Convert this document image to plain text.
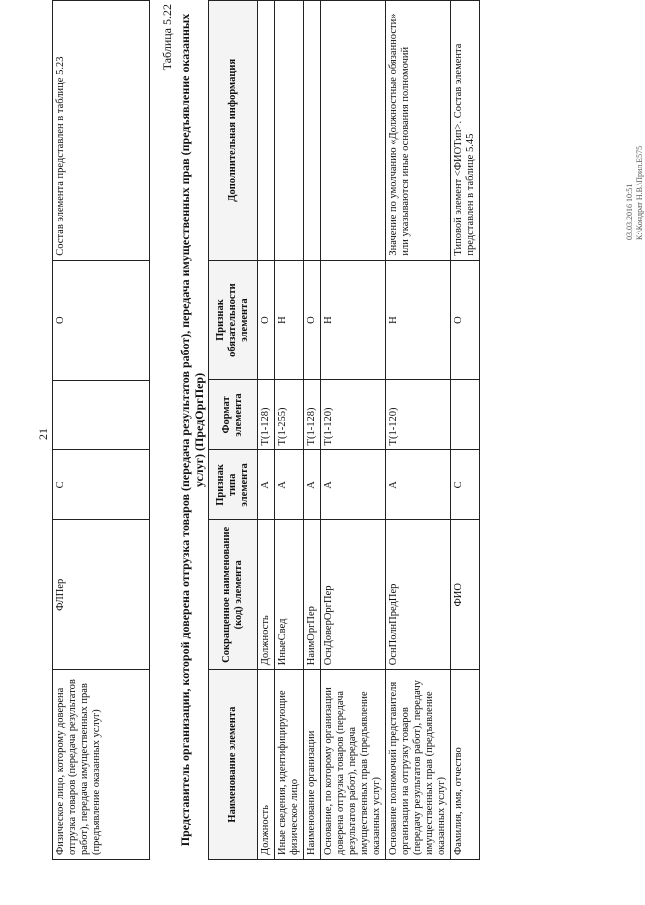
21
Физическое лицо, которому доверена отгрузка товаров (передача результатов работ), передача имущественных прав (предъявление оказанных услуг)	ФЛПер	С		О	Состав элемента представлен в таблице 5.23
Таблица 5.22 Представитель организации, которой доверена отгрузка товаров (передача результатов работ), передача имущественных прав (предъявление оказанных услуг) (ПредОргПер)
Наименование элемента	Сокращенное наименование (код) элемента	Признак типа элемента	Формат элемента	Признак обязательности элемента	Дополнительная информация
Должность	Должность	А	Т(1-128)	О	
Иные сведения, идентифицирующие физическое лицо	ИныеСвед	А	Т(1-255)	Н	
Наименование организации	НаимОргПер	А	Т(1-128)	О	
Основание, по которому организации доверена отгрузка товаров (передача результатов работ), передача имущественных прав (предъявление оказанных услуг)	ОснДоверОргПер	А	Т(1-120)	Н	
Основание полномочий представителя организации на отгрузку товаров (передачу результатов работ), передачу имущественных прав (предъявление оказанных услуг)	ОснПолнПредПер	А	Т(1-120)	Н	Значение по умолчанию «Должностные обязанности» или указываются иные основания полномочий
Фамилия, имя, отчество	ФИО	С		О	Типовой элемент <ФИОТип>. Состав элемента представлен в таблице 5.45	03.03.2016 10:51 К:\Кондрат Н.В.\Прил.Е575
